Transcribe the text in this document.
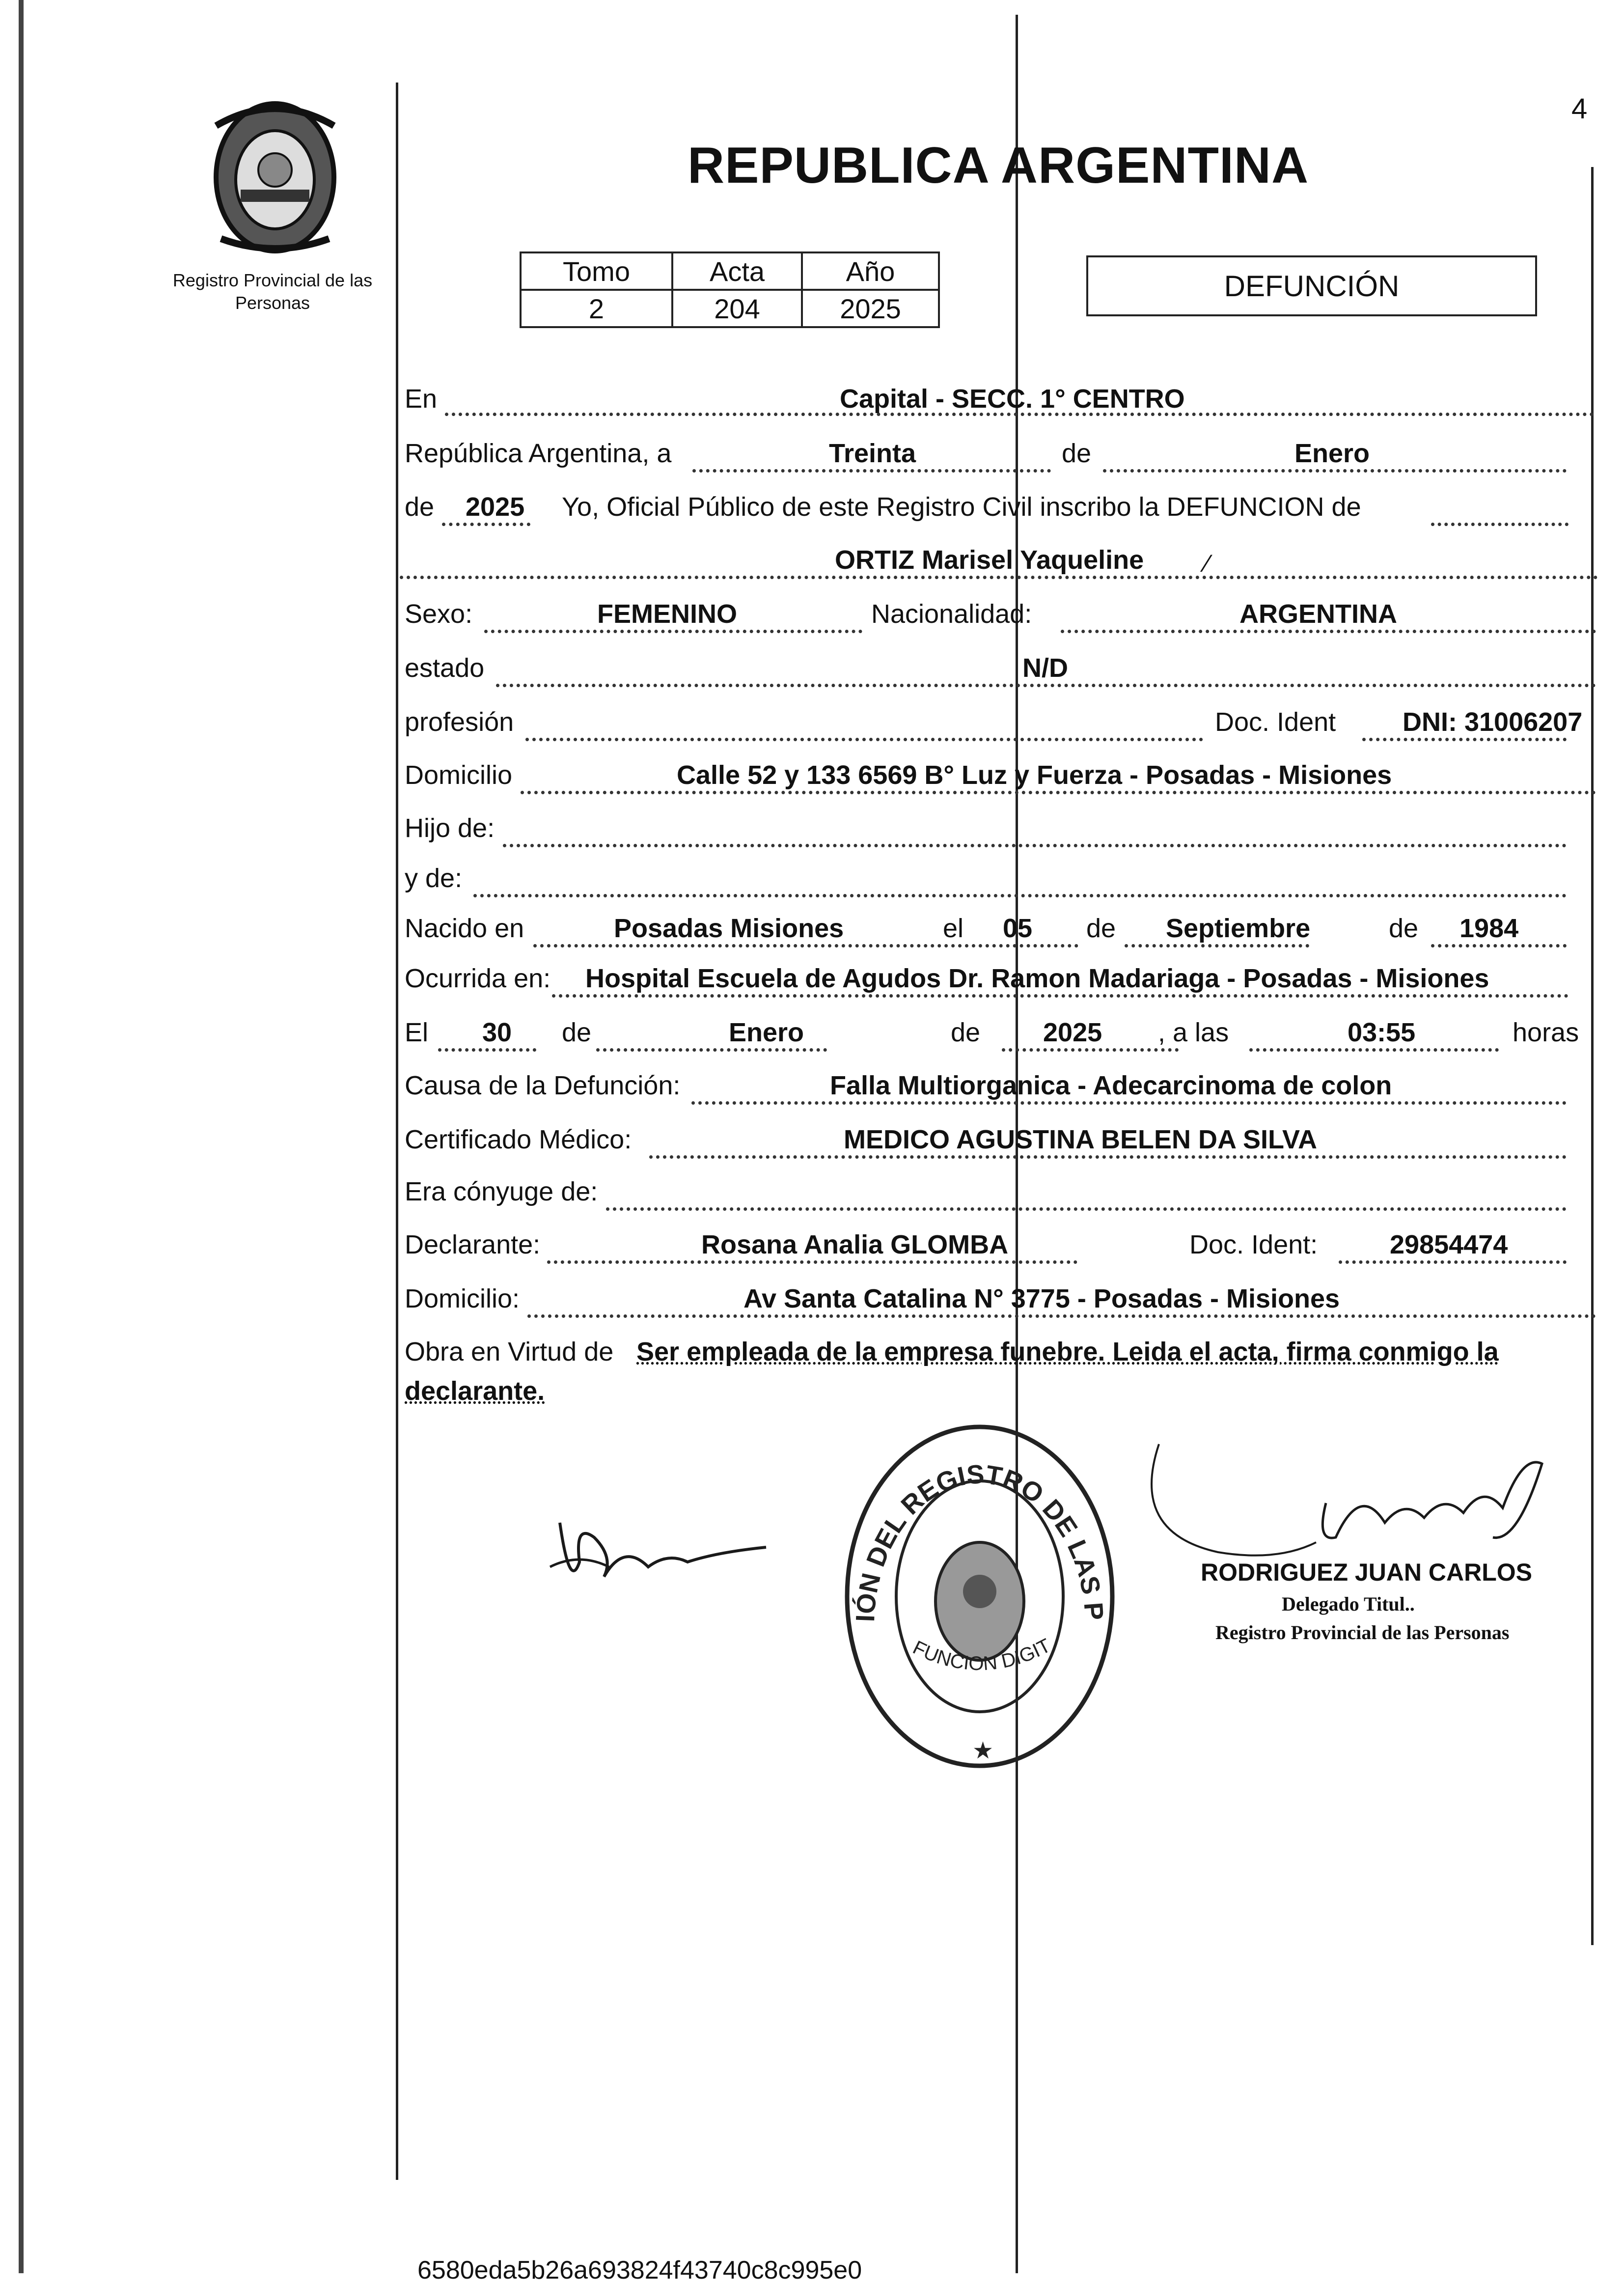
4
Registro Provincial de las Personas
REPUBLICA ARGENTINA
Tomo	Acta	Año
2	204	2025
DEFUNCIÓN
En	Capital - SECC. 1° CENTRO
República Argentina, a	Treinta	de	Enero
de 2025 Yo, Oficial Público de este Registro Civil inscribo la DEFUNCION de
ORTIZ Marisel Yaqueline ⁄
Sexo:	FEMENINO	Nacionalidad:	ARGENTINA
estado	N/D
profesión	Doc. Ident	DNI: 31006207
Domicilio	Calle 52 y 133 6569 B° Luz y Fuerza - Posadas - Misiones
Hijo de:
y de:
Nacido en	Posadas Misiones	el 05 de Septiembre	de 1984
Ocurrida en: Hospital Escuela de Agudos Dr. Ramon Madariaga - Posadas - Misiones
El 30 de	Enero	de 2025 , a las	03:55	horas
Causa de la Defunción:	Falla Multiorganica - Adecarcinoma de colon
Certificado Médico:	MEDICO AGUSTINA BELEN DA SILVA
Era cónyuge de:
Declarante:	Rosana Analia GLOMBA	Doc. Ident:	29854474
Domicilio:	Av Santa Catalina N° 3775 - Posadas - Misiones
Obra en Virtud de Ser empleada de la empresa funebre. Leida el acta, firma conmigo la
declarante.
IÓN DEL REGISTRO DE LAS P
FUNCION DIGIT
★
RODRIGUEZ JUAN CARLOS
Delegado Titul..
Registro Provincial de las Personas
6580eda5b26a693824f43740c8c995e0
